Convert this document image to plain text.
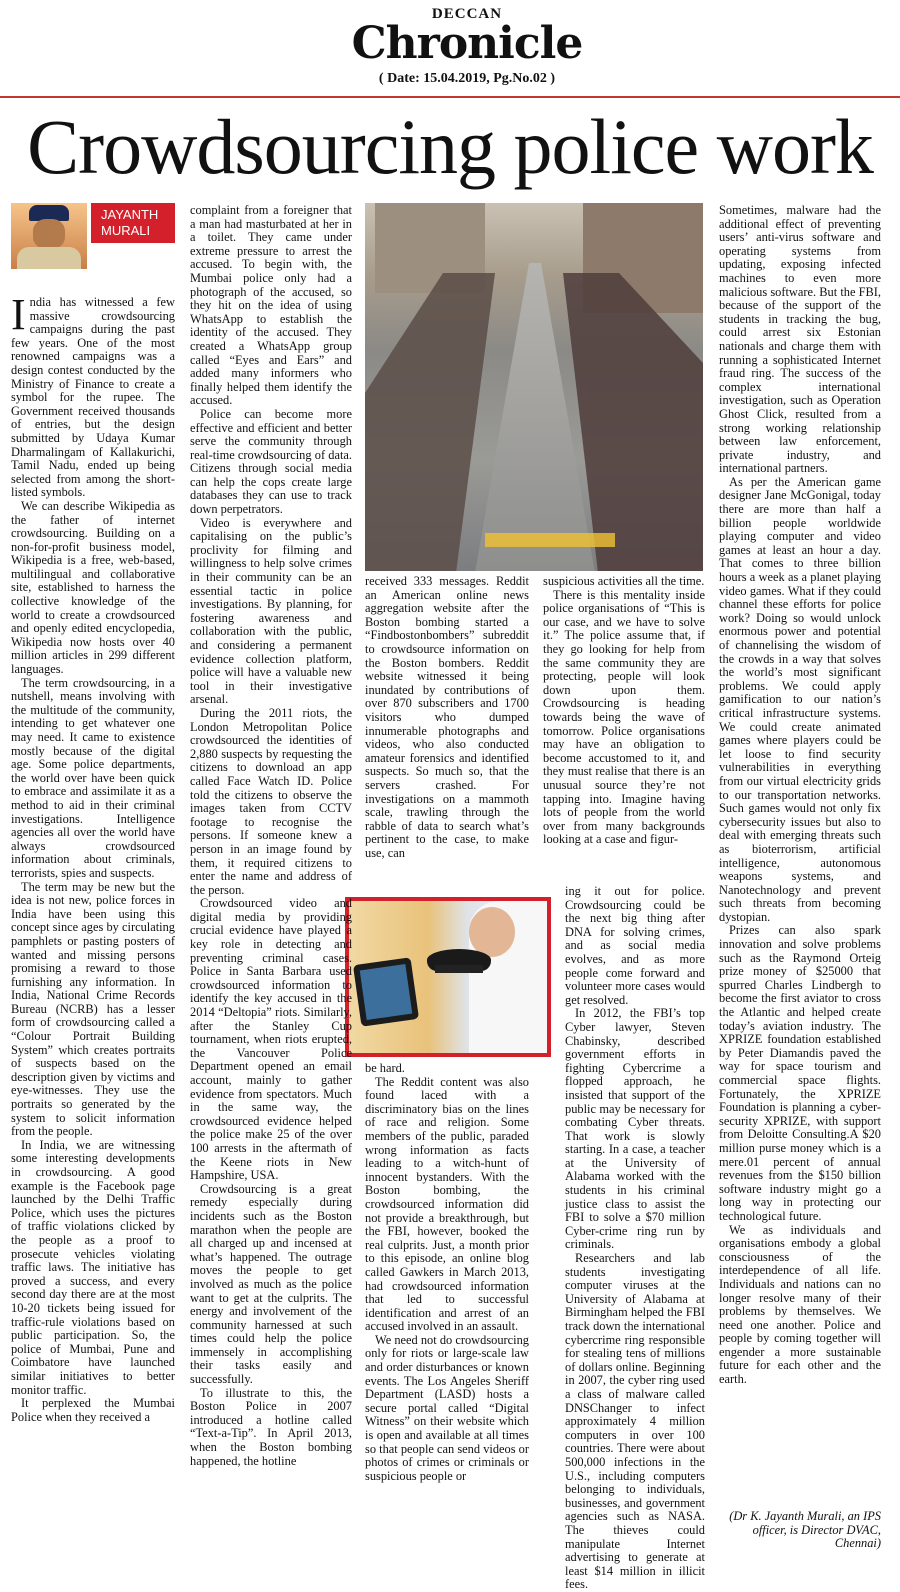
DECCAN
Chronicle
( Date: 15.04.2019, Pg.No.02 )
Crowdsourcing police work
JAYANTH
MURALI

India has witnessed a few massive crowdsourcing campaigns during the past few years. One of the most renowned campaigns was a design contest conducted by the Ministry of Finance to create a symbol for the rupee. The Government received thousands of entries, but the design submitted by Udaya Kumar Dharmalingam of Kallakurichi, Tamil Nadu, ended up being selected from among the short-listed symbols.

We can describe Wikipedia as the father of internet crowdsourcing. Building on a non-for-profit business model, Wikipedia is a free, web-based, multilingual and collaborative site, established to harness the collective knowledge of the world to create a crowdsourced and openly edited encyclopedia, Wikipedia now hosts over 40 million articles in 299 different languages.

The term crowdsourcing, in a nutshell, means involving with the multitude of the community, intending to get whatever one may need. It came to existence mostly because of the digital age. Some police departments, the world over have been quick to embrace and assimilate it as a method to aid in their criminal investigations. Intelligence agencies all over the world have always crowdsourced information about criminals, terrorists, spies and suspects.

The term may be new but the idea is not new, police forces in India have been using this concept since ages by circulating pamphlets or pasting posters of wanted and missing persons promising a reward to those furnishing any information. In India, National Crime Records Bureau (NCRB) has a lesser form of crowdsourcing called a “Colour Portrait Building System” which creates portraits of suspects based on the description given by victims and eye-witnesses. They use the portraits so generated by the system to solicit information from the people.

In India, we are witnessing some interesting developments in crowdsourcing. A good example is the Facebook page launched by the Delhi Traffic Police, which uses the pictures of traffic violations clicked by the people as a proof to prosecute vehicles violating traffic laws. The initiative has proved a success, and every second day there are at the most 10-20 tickets being issued for traffic-rule violations based on public participation. So, the police of Mumbai, Pune and Coimbatore have launched similar initiatives to better monitor traffic.

It perplexed the Mumbai Police when they received a

complaint from a foreigner that a man had masturbated at her in a toilet. They came under extreme pressure to arrest the accused. To begin with, the Mumbai police only had a photograph of the accused, so they hit on the idea of using WhatsApp to establish the identity of the accused. They created a WhatsApp group called “Eyes and Ears” and added many informers who finally helped them identify the accused.

Police can become more effective and efficient and better serve the community through real-time crowdsourcing of data. Citizens through social media can help the cops create large databases they can use to track down perpetrators.

Video is everywhere and capitalising on the public’s proclivity for filming and willingness to help solve crimes in their community can be an essential tactic in police investigations. By planning, for fostering awareness and collaboration with the public, and considering a permanent evidence collection platform, police will have a valuable new tool in their investigative arsenal.

During the 2011 riots, the London Metropolitan Police crowdsourced the identities of 2,880 suspects by requesting the citizens to download an app called Face Watch ID. Police told the citizens to observe the images taken from CCTV footage to recognise the persons. If someone knew a person in an image found by them, it required citizens to enter the name and address of the person.

Crowdsourced video and digital media by providing crucial evidence have played a key role in detecting and preventing criminal cases. Police in Santa Barbara used crowdsourced information to identify the key accused in the 2014 “Deltopia” riots. Similarly, after the Stanley Cup tournament, when riots erupted, the Vancouver Police Department opened an email account, mainly to gather evidence from spectators. Much in the same way, the crowdsourced evidence helped the police make 25 of the over 100 arrests in the aftermath of the Keene riots in New Hampshire, USA.

Crowdsourcing is a great remedy especially during incidents such as the Boston marathon when the people are all charged up and incensed at what’s happened. The outrage moves the people to get involved as much as the police want to get at the culprits. The energy and involvement of the community harnessed at such times could help the police immensely in accomplishing their tasks easily and successfully.

To illustrate to this, the Boston Police in 2007 introduced a hotline called “Text-a-Tip”. In April 2013, when the Boston bombing happened, the hotline

received 333 messages. Reddit an American online news aggregation website after the Boston bombing started a “Findbostonbombers” subreddit to crowdsource information on the Boston bombers. Reddit website witnessed it being inundated by contributions of over 870 subscribers and 1700 visitors who dumped innumerable photographs and videos, who also conducted amateur forensics and identified suspects. So much so, that the servers crashed. For investigations on a mammoth scale, trawling through the rabble of data to search what’s pertinent to the case, to make use, can

be hard.

The Reddit content was also found laced with a discriminatory bias on the lines of race and religion. Some members of the public, paraded wrong information as facts leading to a witch-hunt of innocent bystanders. With the Boston bombing, the crowdsourced information did not provide a breakthrough, but the FBI, however, booked the real culprits. Just, a month prior to this episode, an online blog called Gawkers in March 2013, had crowdsourced information that led to successful identification and arrest of an accused involved in an assault.

We need not do crowdsourcing only for riots or large-scale law and order disturbances or known events. The Los Angeles Sheriff Department (LASD) hosts a secure portal called “Digital Witness” on their website which is open and available at all times so that people can send videos or photos of crimes or criminals or suspicious people or

suspicious activities all the time.

There is this mentality inside police organisations of “This is our case, and we have to solve it.” The police assume that, if they go looking for help from the same community they are protecting, people will look down upon them. Crowdsourcing is heading towards being the wave of tomorrow. Police organisations may have an obligation to become accustomed to it, and they must realise that there is an unusual source they’re not tapping into. Imagine having lots of people from the world over from many backgrounds looking at a case and figur-

ing it out for police. Crowdsourcing could be the next big thing after DNA for solving crimes, and as social media evolves, and as more people come forward and volunteer more cases would get resolved.

In 2012, the FBI’s top Cyber lawyer, Steven Chabinsky, described government efforts in fighting Cybercrime a flopped approach, he insisted that support of the public may be necessary for combating Cyber threats. That work is slowly starting. In a case, a teacher at the University of Alabama worked with the students in his criminal justice class to assist the FBI to solve a $70 million Cyber-crime ring run by criminals.

Researchers and lab students investigating computer viruses at the University of Alabama at Birmingham helped the FBI track down the international cybercrime ring responsible for stealing tens of millions of dollars online. Beginning in 2007, the cyber ring used a class of malware called DNSChanger to infect approximately 4 million computers in over 100 countries. There were about 500,000 infections in the U.S., including computers belonging to individuals, businesses, and government agencies such as NASA. The thieves could manipulate Internet advertising to generate at least $14 million in illicit fees.

Sometimes, malware had the additional effect of preventing users’ anti-virus software and operating systems from updating, exposing infected machines to even more malicious software. But the FBI, because of the support of the students in tracking the bug, could arrest six Estonian nationals and charge them with running a sophisticated Internet fraud ring. The success of the complex international investigation, such as Operation Ghost Click, resulted from a strong working relationship between law enforcement, private industry, and international partners.

As per the American game designer Jane McGonigal, today there are more than half a billion people worldwide playing computer and video games at least an hour a day. That comes to three billion hours a week as a planet playing video games. What if they could channel these efforts for police work? Doing so would unlock enormous power and potential of channelising the wisdom of the crowds in a way that solves the world’s most significant problems. We could apply gamification to our nation’s critical infrastructure systems. We could create animated games where players could be let loose to find security vulnerabilities in everything from our virtual electricity grids to our transportation networks. Such games would not only fix cybersecurity issues but also to deal with emerging threats such as bioterrorism, artificial intelligence, autonomous weapons systems, and Nanotechnology and prevent such threats from becoming dystopian.

Prizes can also spark innovation and solve problems such as the Raymond Orteig prize money of $25000 that spurred Charles Lindbergh to become the first aviator to cross the Atlantic and helped create today’s aviation industry. The XPRIZE foundation established by Peter Diamandis paved the way for space tourism and commercial space flights. Fortunately, the XPRIZE Foundation is planning a cyber-security XPRIZE, with support from Deloitte Consulting.A $20 million purse money which is a mere.01 percent of annual revenues from the $150 billion software industry might go a long way in protecting our technological future.

We as individuals and organisations embody a global consciousness of the interdependence of all life. Individuals and nations can no longer resolve many of their problems by themselves. We need one another. Police and people by coming together will engender a more sustainable future for each other and the earth.

(Dr K. Jayanth Murali, an IPS officer, is Director DVAC, Chennai)
